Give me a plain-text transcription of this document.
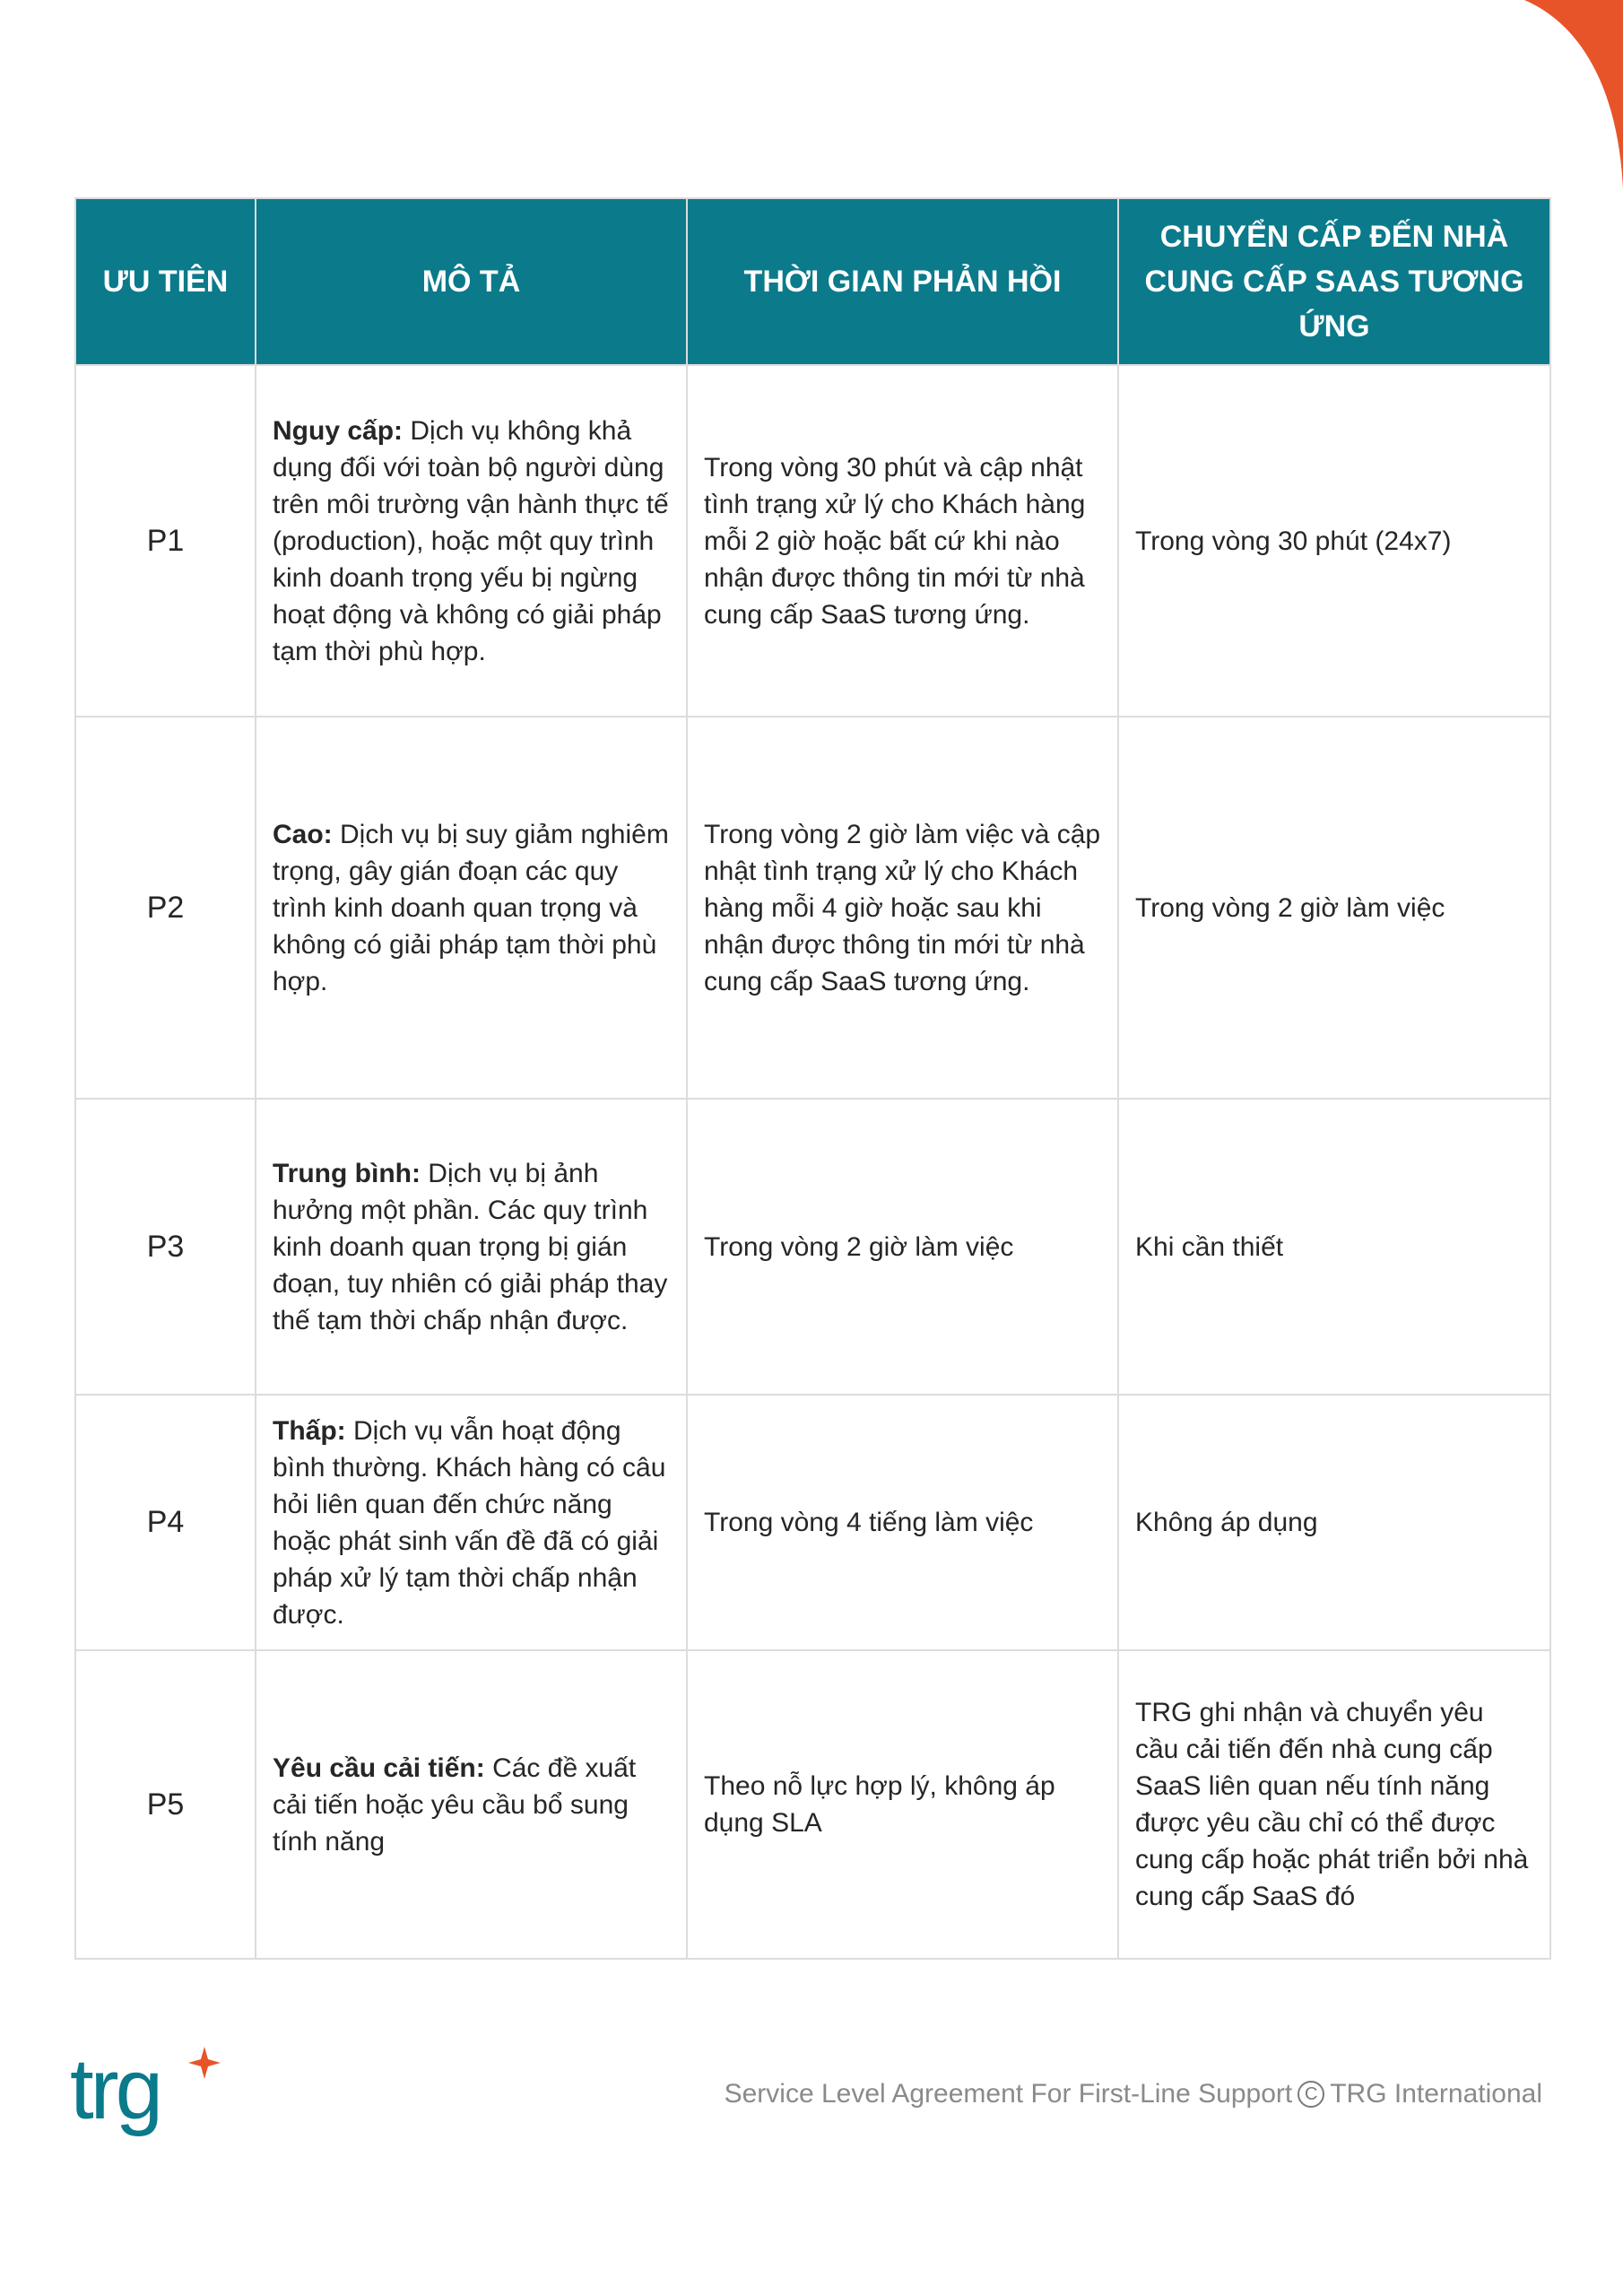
ƯU TIÊN	MÔ TẢ	THỜI GIAN PHẢN HỒI	CHUYỂN CẤP ĐẾN NHÀ CUNG CẤP SAAS TƯƠNG ỨNG
P1	Nguy cấp: Dịch vụ không khả dụng đối với toàn bộ người dùng trên môi trường vận hành thực tế (production), hoặc một quy trình kinh doanh trọng yếu bị ngừng hoạt động và không có giải pháp tạm thời phù hợp.	Trong vòng 30 phút và cập nhật tình trạng xử lý cho Khách hàng mỗi 2 giờ hoặc bất cứ khi nào nhận được thông tin mới từ nhà cung cấp SaaS tương ứng.	Trong vòng 30 phút (24x7)
P2	Cao: Dịch vụ bị suy giảm nghiêm trọng, gây gián đoạn các quy trình kinh doanh quan trọng và không có giải pháp tạm thời phù hợp.	Trong vòng 2 giờ làm việc và cập nhật tình trạng xử lý cho Khách hàng mỗi 4 giờ hoặc sau khi nhận được thông tin mới từ nhà cung cấp SaaS tương ứng.	Trong vòng 2 giờ làm việc
P3	Trung bình: Dịch vụ bị ảnh hưởng một phần. Các quy trình kinh doanh quan trọng bị gián đoạn, tuy nhiên có giải pháp thay thế tạm thời chấp nhận được.	Trong vòng 2 giờ làm việc	Khi cần thiết
P4	Thấp: Dịch vụ vẫn hoạt động bình thường. Khách hàng có câu hỏi liên quan đến chức năng hoặc phát sinh vấn đề đã có giải pháp xử lý tạm thời chấp nhận được.	Trong vòng 4 tiếng làm việc	Không áp dụng
P5	Yêu cầu cải tiến: Các đề xuất cải tiến hoặc yêu cầu bổ sung tính năng	Theo nỗ lực hợp lý, không áp dụng SLA	TRG ghi nhận và chuyển yêu cầu cải tiến đến nhà cung cấp SaaS liên quan nếu tính năng được yêu cầu chỉ có thể được cung cấp hoặc phát triển bởi nhà cung cấp SaaS đó
trg	Service Level Agreement For First-Line Support C TRG International
